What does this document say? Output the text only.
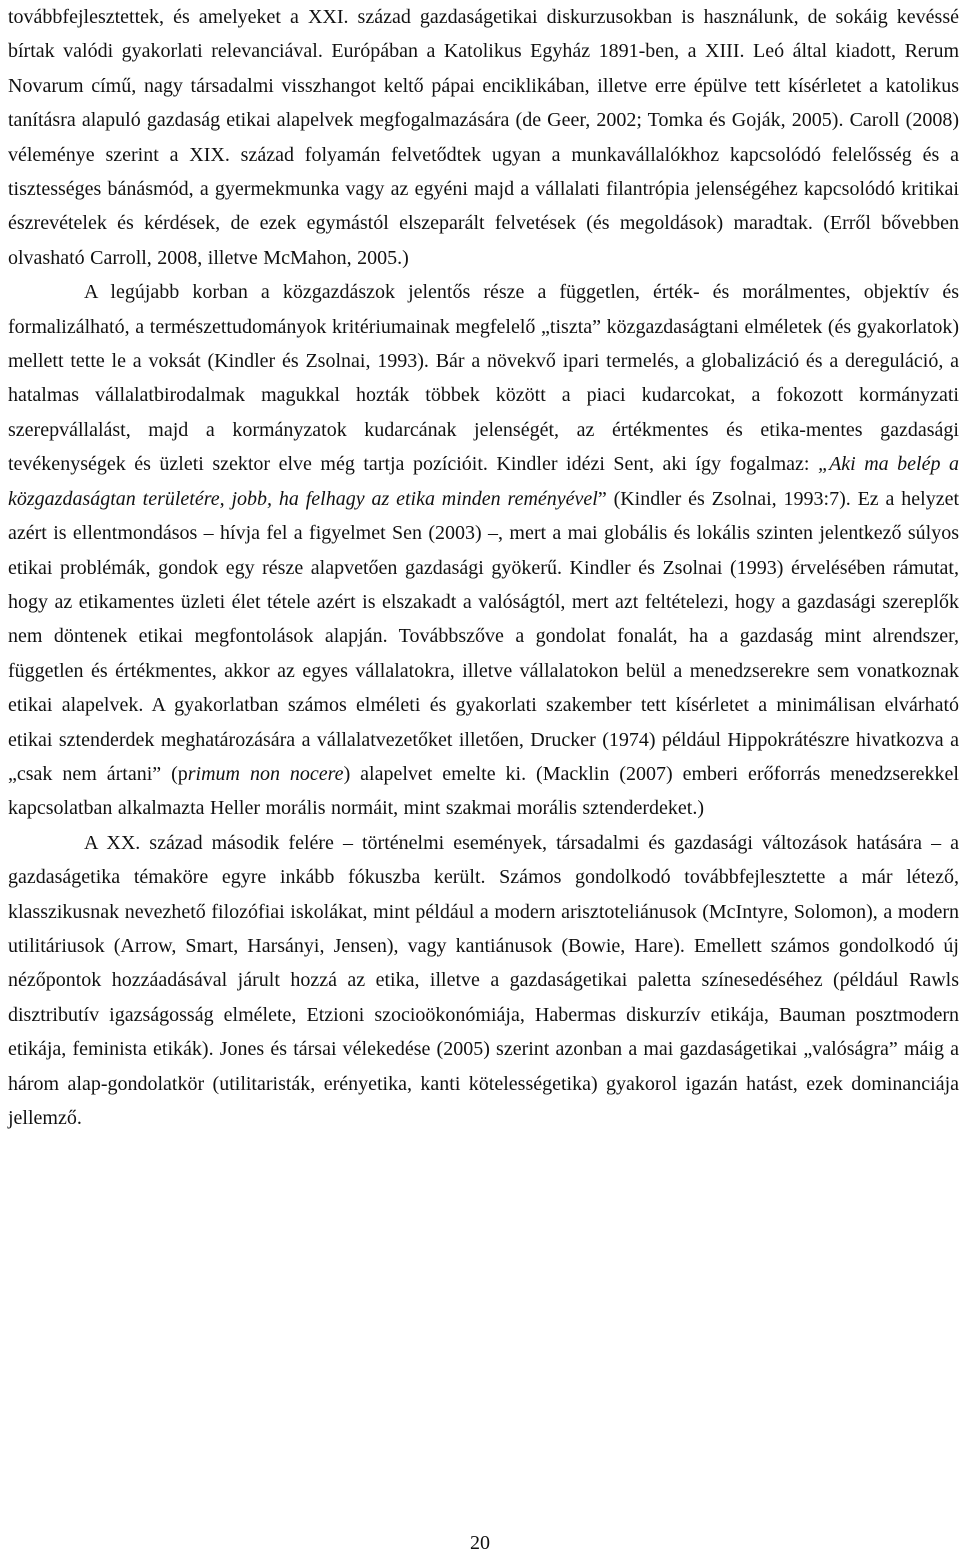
továbbfejlesztettek, és amelyeket a XXI. század gazdaságetikai diskurzusokban is használunk, de sokáig kevéssé bírtak valódi gyakorlati relevanciával. Európában a Katolikus Egyház 1891-ben, a XIII. Leó által kiadott, Rerum Novarum című, nagy társadalmi visszhangot keltő pápai enciklikában, illetve erre épülve tett kísérletet a katolikus tanításra alapuló gazdaság etikai alapelvek megfogalmazására (de Geer, 2002; Tomka és Goják, 2005). Caroll (2008) véleménye szerint a XIX. század folyamán felvetődtek ugyan a munkavállalókhoz kapcsolódó felelősség és a tisztességes bánásmód, a gyermekmunka vagy az egyéni majd a vállalati filantrópia jelenségéhez kapcsolódó kritikai észrevételek és kérdések, de ezek egymástól elszeparált felvetések (és megoldások) maradtak. (Erről bővebben olvasható Carroll, 2008, illetve McMahon, 2005.)

A legújabb korban a közgazdászok jelentős része a független, érték- és morálmentes, objektív és formalizálható, a természettudományok kritériumainak megfelelő „tiszta” közgazdaságtani elméletek (és gyakorlatok) mellett tette le a voksát (Kindler és Zsolnai, 1993). Bár a növekvő ipari termelés, a globalizáció és a dereguláció, a hatalmas vállalatbirodalmak magukkal hozták többek között a piaci kudarcokat, a fokozott kormányzati szerepvállalást, majd a kormányzatok kudarcának jelenségét, az értékmentes és etika-mentes gazdasági tevékenységek és üzleti szektor elve még tartja pozícióit. Kindler idézi Sent, aki így fogalmaz: „Aki ma belép a közgazdaságtan területére, jobb, ha felhagy az etika minden reményével” (Kindler és Zsolnai, 1993:7). Ez a helyzet azért is ellentmondásos – hívja fel a figyelmet Sen (2003) –, mert a mai globális és lokális szinten jelentkező súlyos etikai problémák, gondok egy része alapvetően gazdasági gyökerű. Kindler és Zsolnai (1993) érvelésében rámutat, hogy az etikamentes üzleti élet tétele azért is elszakadt a valóságtól, mert azt feltételezi, hogy a gazdasági szereplők nem döntenek etikai megfontolások alapján. Továbbszőve a gondolat fonalát, ha a gazdaság mint alrendszer, független és értékmentes, akkor az egyes vállalatokra, illetve vállalatokon belül a menedzserekre sem vonatkoznak etikai alapelvek. A gyakorlatban számos elméleti és gyakorlati szakember tett kísérletet a minimálisan elvárható etikai sztenderdek meghatározására a vállalatvezetőket illetően, Drucker (1974) például Hippokrátészre hivatkozva a „csak nem ártani” (primum non nocere) alapelvet emelte ki. (Macklin (2007) emberi erőforrás menedzserekkel kapcsolatban alkalmazta Heller morális normáit, mint szakmai morális sztenderdeket.)

A XX. század második felére – történelmi események, társadalmi és gazdasági változások hatására – a gazdaságetika témaköre egyre inkább fókuszba került. Számos gondolkodó továbbfejlesztette a már létező, klasszikusnak nevezhető filozófiai iskolákat, mint például a modern arisztoteliánusok (McIntyre, Solomon), a modern utilitáriusok (Arrow, Smart, Harsányi, Jensen), vagy kantiánusok (Bowie, Hare). Emellett számos gondolkodó új nézőpontok hozzáadásával járult hozzá az etika, illetve a gazdaságetikai paletta színesedéséhez (például Rawls disztributív igazságosság elmélete, Etzioni szocioökonómiája, Habermas diskurzív etikája, Bauman posztmodern etikája, feminista etikák). Jones és társai vélekedése (2005) szerint azonban a mai gazdaságetikai „valóságra” máig a három alap-gondolatkör (utilitaristák, erényetika, kanti kötelességetika) gyakorol igazán hatást, ezek dominanciája jellemző.

20
